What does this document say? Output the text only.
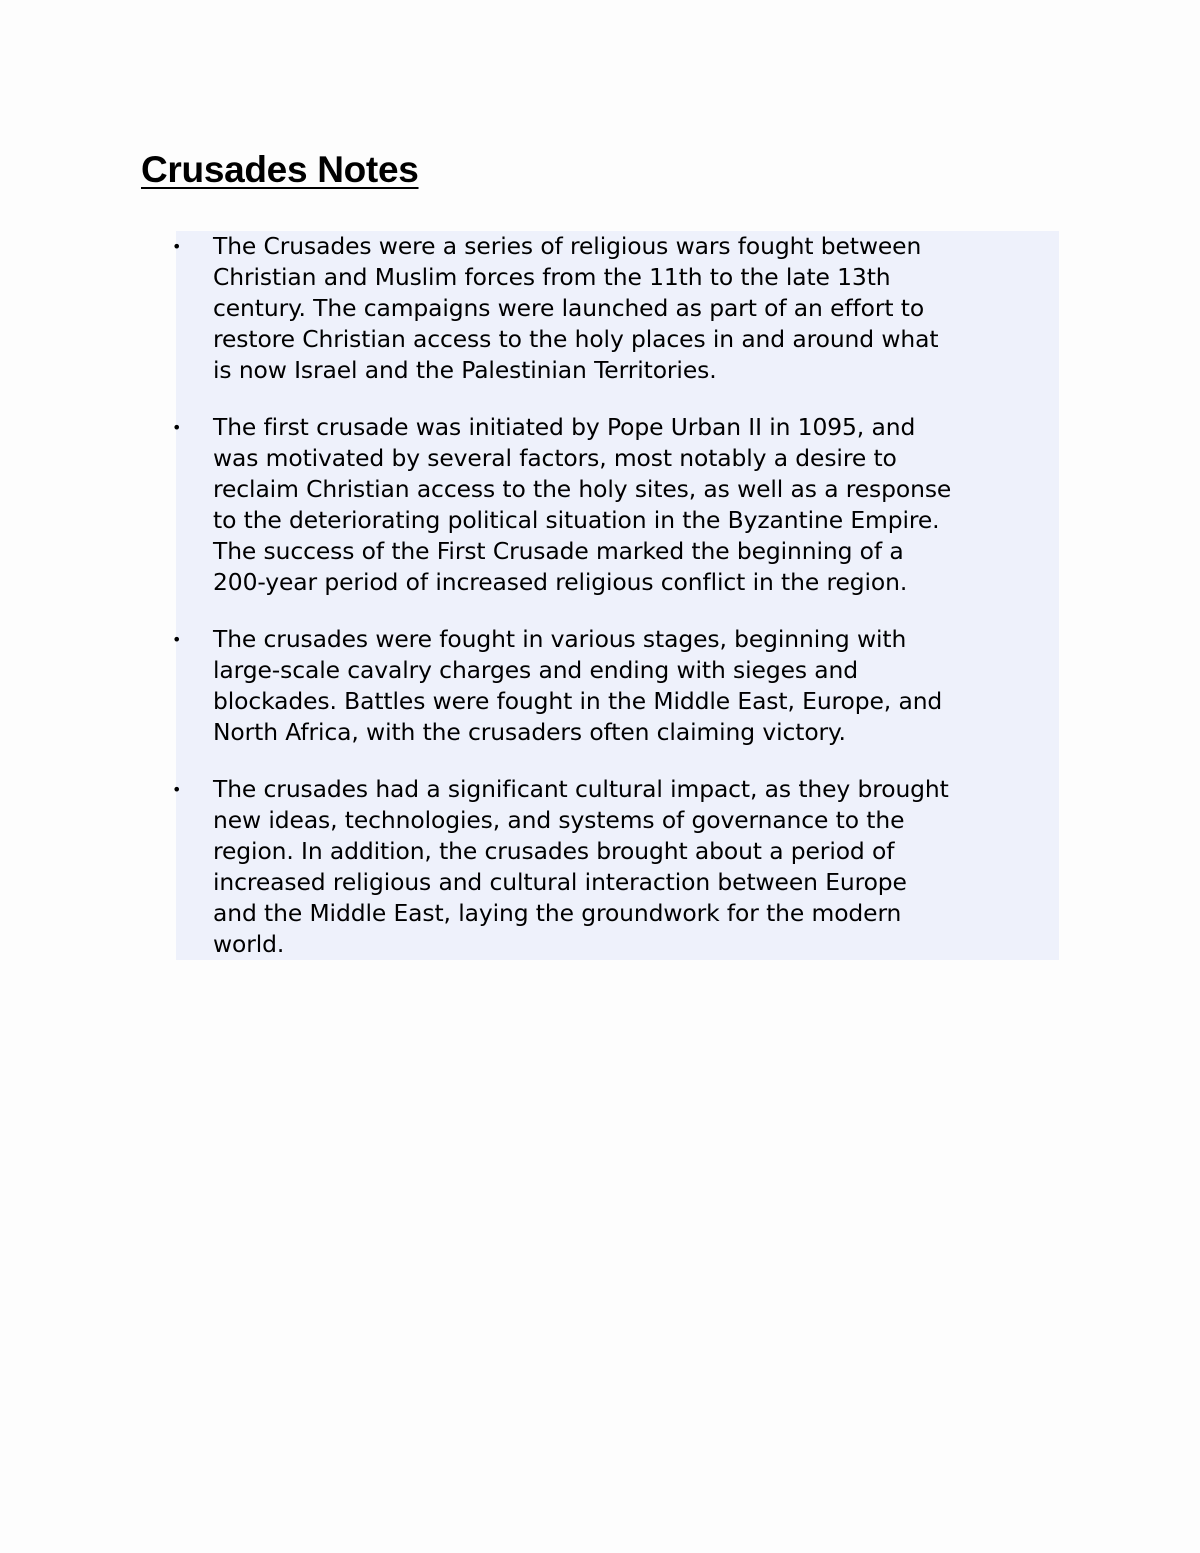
Crusades Notes
• The Crusades were a series of religious wars fought between
Christian and Muslim forces from the 11th to the late 13th
century. The campaigns were launched as part of an effort to
restore Christian access to the holy places in and around what
is now Israel and the Palestinian Territories.
• The first crusade was initiated by Pope Urban II in 1095, and
was motivated by several factors, most notably a desire to
reclaim Christian access to the holy sites, as well as a response
to the deteriorating political situation in the Byzantine Empire.
The success of the First Crusade marked the beginning of a
200-year period of increased religious conflict in the region.
• The crusades were fought in various stages, beginning with
large-scale cavalry charges and ending with sieges and
blockades. Battles were fought in the Middle East, Europe, and
North Africa, with the crusaders often claiming victory.
• The crusades had a significant cultural impact, as they brought
new ideas, technologies, and systems of governance to the
region. In addition, the crusades brought about a period of
increased religious and cultural interaction between Europe
and the Middle East, laying the groundwork for the modern
world.
